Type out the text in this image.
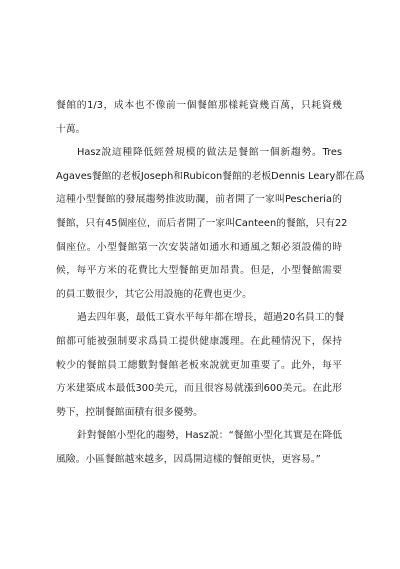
餐館的1/3，成本也不像前一個餐館那樣耗資幾百萬，只耗資幾
十萬。
Hasz說這種降低經營規模的做法是餐館一個新趨勢。Tres
Agaves餐館的老板Joseph和Rubicon餐館的老板Dennis Leary都在爲
這種小型餐館的發展趨勢推波助瀾，前者開了一家叫Pescheria的
餐館，只有45個座位，而后者開了一家叫Canteen的餐館，只有22
個座位。小型餐館第一次安裝諸如通水和通風之類必須設備的時
候，每平方米的花費比大型餐館更加昂貴。但是，小型餐館需要
的員工數很少，其它公用設施的花費也更少。
過去四年裏，最低工資水平每年都在增長，超過20名員工的餐
館都可能被强制要求爲員工提供健康護理。在此種情況下，保持
較少的餐館員工總數對餐館老板來說就更加重要了。此外，每平
方米建築成本最低300美元，而且很容易就漲到600美元。在此形
勢下，控制餐館面積有很多優勢。
針對餐館小型化的趨勢，Hasz説：“餐館小型化其實是在降低
風險。小區餐館越來越多，因爲開這樣的餐館更快，更容易。”
